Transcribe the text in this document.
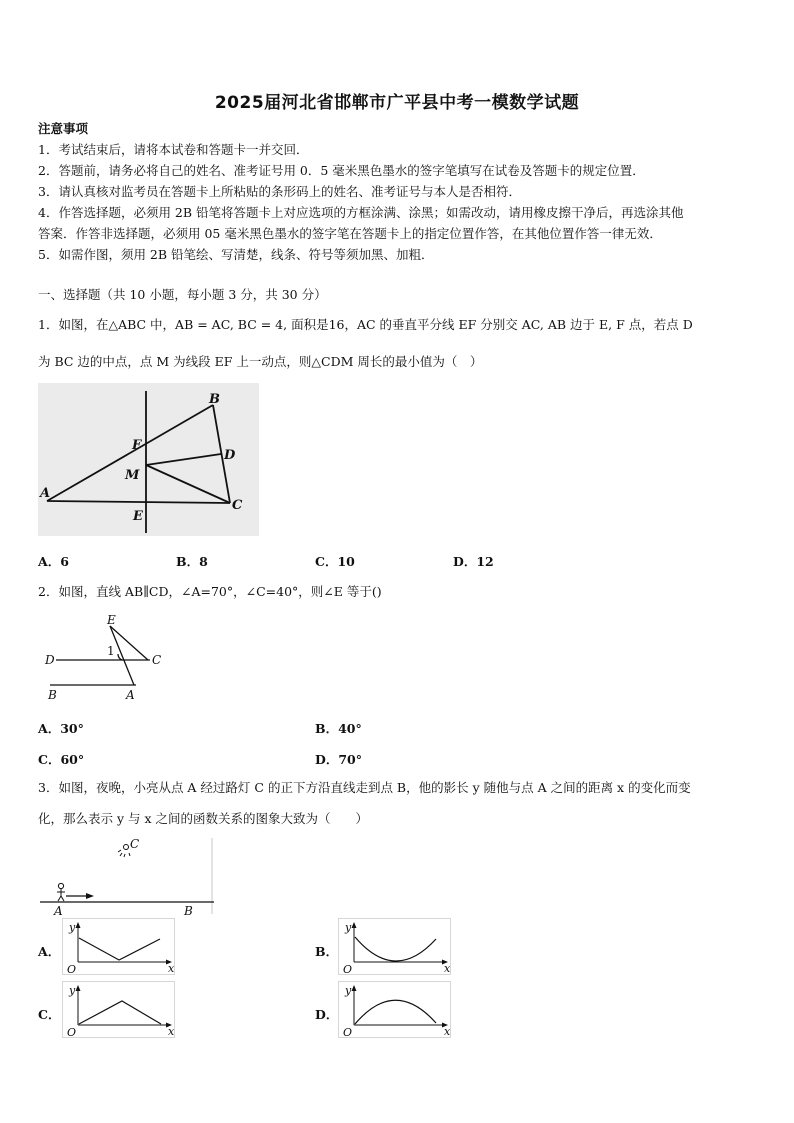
2025届河北省邯郸市广平县中考一模数学试题
注意事项
1．考试结束后，请将本试卷和答题卡一并交回．
2．答题前，请务必将自己的姓名、准考证号用 0．5 毫米黑色墨水的签字笔填写在试卷及答题卡的规定位置．
3．请认真核对监考员在答题卡上所粘贴的条形码上的姓名、准考证号与本人是否相符．
4．作答选择题，必须用 2B 铅笔将答题卡上对应选项的方框涂满、涂黑；如需改动，请用橡皮擦干净后，再选涂其他
答案．作答非选择题，必须用 05 毫米黑色墨水的签字笔在答题卡上的指定位置作答，在其他位置作答一律无效．
5．如需作图，须用 2B 铅笔绘、写清楚，线条、符号等须加黑、加粗．
一、选择题（共 10 小题，每小题 3 分，共 30 分）
1．如图，在△ABC 中，AB = AC, BC = 4, 面积是16，AC 的垂直平分线 EF 分别交 AC, AB 边于 E, F 点，若点 D
为 BC 边的中点，点 M 为线段 EF 上一动点，则△CDM 周长的最小值为（　）
A
B
C
D
E
F
M
A．6	B．8	C．10	D．12
2．如图，直线 AB∥CD，∠A=70°，∠C=40°，则∠E 等于()
E
1
D	C
B	A
A．30°	B．40°
C．60°	D．70°
3．如图，夜晚，小亮从点 A 经过路灯 C 的正下方沿直线走到点 B，他的影长 y 随他与点 A 之间的距离 x 的变化而变
化，那么表示 y 与 x 之间的函数关系的图象大致为（　　）
C
A	B
A．	B．
C．	D．
y
x
O
y
x
O
y
x
O
y
x
O
